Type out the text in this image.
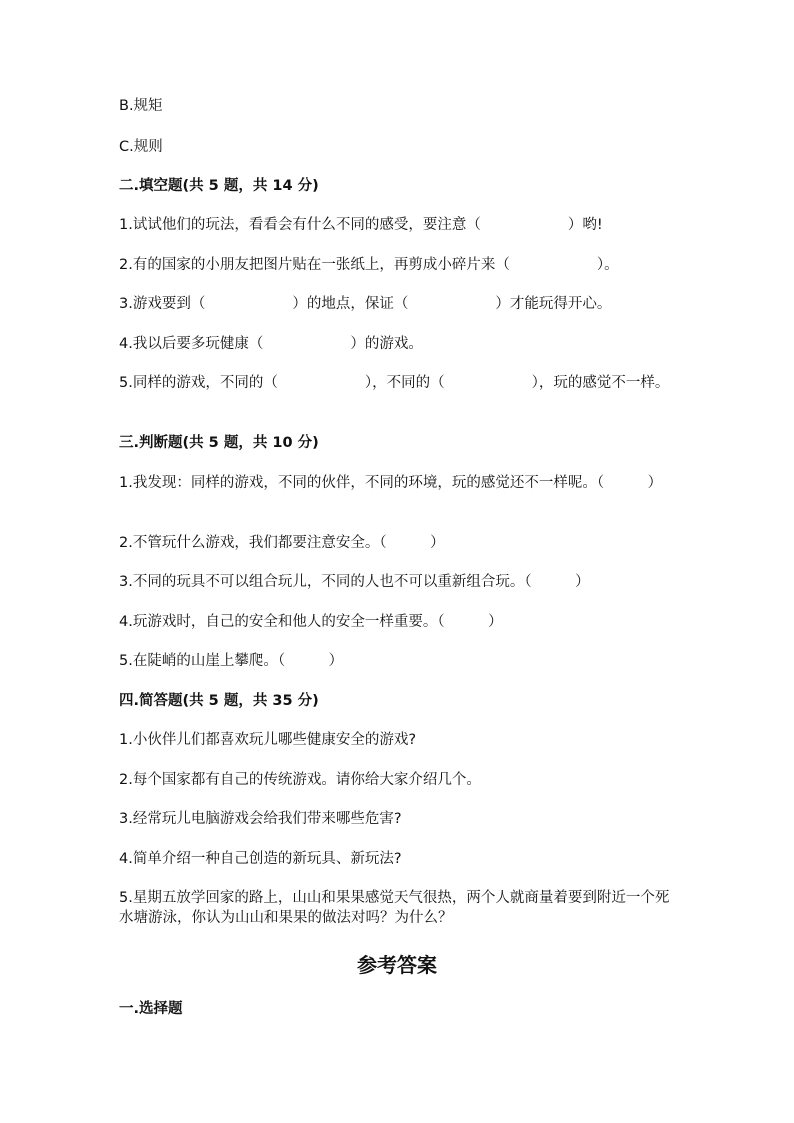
B.规矩
C.规则
二.填空题(共 5 题，共 14 分)
1.试试他们的玩法，看看会有什么不同的感受，要注意（　　　　　　）哟!
2.有的国家的小朋友把图片贴在一张纸上，再剪成小碎片来（　　　　　　）。
3.游戏要到（　　　　　　）的地点，保证（　　　　　　）才能玩得开心。
4.我以后要多玩健康（　　　　　　）的游戏。
5.同样的游戏，不同的（　　　　　　），不同的（　　　　　　），玩的感觉不一样。
三.判断题(共 5 题，共 10 分)
1.我发现：同样的游戏，不同的伙伴，不同的环境，玩的感觉还不一样呢。（　　　）
2.不管玩什么游戏，我们都要注意安全。（　　　）
3.不同的玩具不可以组合玩儿，不同的人也不可以重新组合玩。（　　　）
4.玩游戏时，自己的安全和他人的安全一样重要。（　　　）
5.在陡峭的山崖上攀爬。（　　　）
四.简答题(共 5 题，共 35 分)
1.小伙伴儿们都喜欢玩儿哪些健康安全的游戏?
2.每个国家都有自己的传统游戏。请你给大家介绍几个。
3.经常玩儿电脑游戏会给我们带来哪些危害?
4.简单介绍一种自己创造的新玩具、新玩法?
5.星期五放学回家的路上，山山和果果感觉天气很热，两个人就商量着要到附近一个死水塘游泳，你认为山山和果果的做法对吗？为什么？
参考答案
一.选择题
